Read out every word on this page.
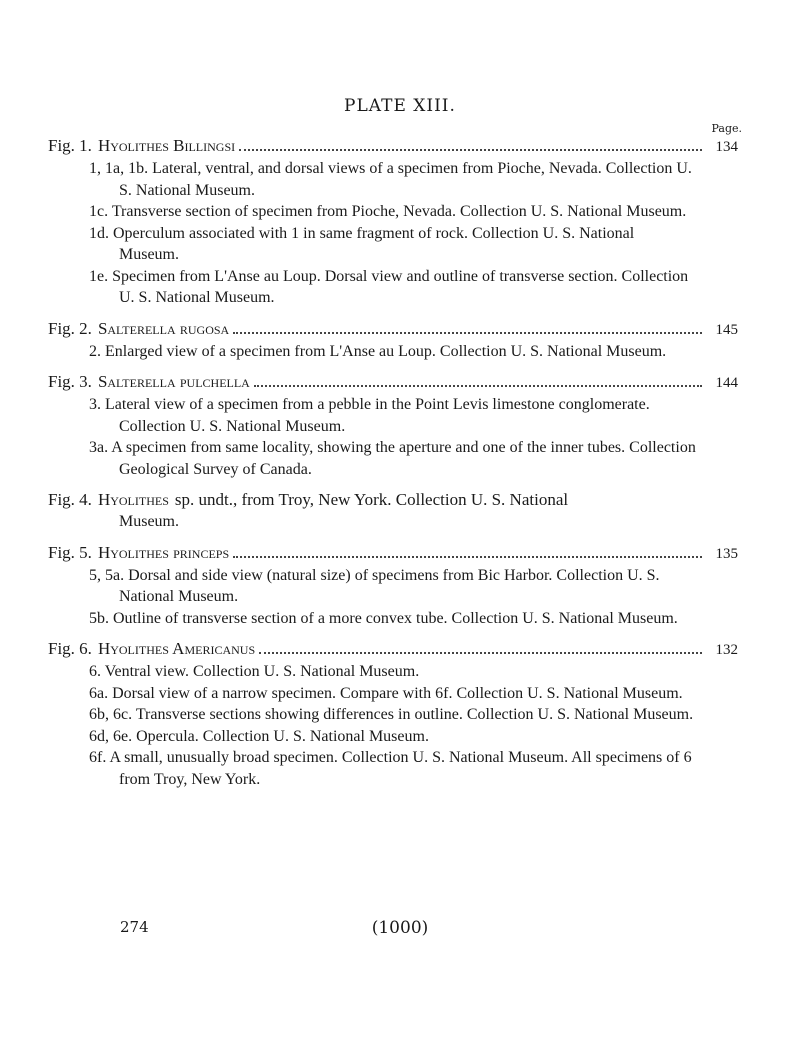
PLATE XIII.
Page.
Fig. 1. Hyolithes Billingsi	134
1, 1a, 1b. Lateral, ventral, and dorsal views of a specimen from Pioche, Nevada. Collection U. S. National Museum.
1c. Transverse section of specimen from Pioche, Nevada. Collection U. S. National Museum.
1d. Operculum associated with 1 in same fragment of rock. Collection U. S. National Museum.
1e. Specimen from L'Anse au Loup. Dorsal view and outline of transverse section. Collection U. S. National Museum.
Fig. 2. Salterella rugosa	145
2. Enlarged view of a specimen from L'Anse au Loup. Collection U. S. National Museum.
Fig. 3. Salterella pulchella	144
3. Lateral view of a specimen from a pebble in the Point Levis limestone conglomerate. Collection U. S. National Museum.
3a. A specimen from same locality, showing the aperture and one of the inner tubes. Collection Geological Survey of Canada.
Fig. 4. Hyolithes sp. undt., from Troy, New York. Collection U. S. National
Museum.
Fig. 5. Hyolithes princeps	135
5, 5a. Dorsal and side view (natural size) of specimens from Bic Harbor. Collection U. S. National Museum.
5b. Outline of transverse section of a more convex tube. Collection U. S. National Museum.
Fig. 6. Hyolithes Americanus	132
6. Ventral view. Collection U. S. National Museum.
6a. Dorsal view of a narrow specimen. Compare with 6f. Collection U. S. National Museum.
6b, 6c. Transverse sections showing differences in outline. Collection U. S. National Museum.
6d, 6e. Opercula. Collection U. S. National Museum.
6f. A small, unusually broad specimen. Collection U. S. National Museum. All specimens of 6 from Troy, New York.
274	(1000)
